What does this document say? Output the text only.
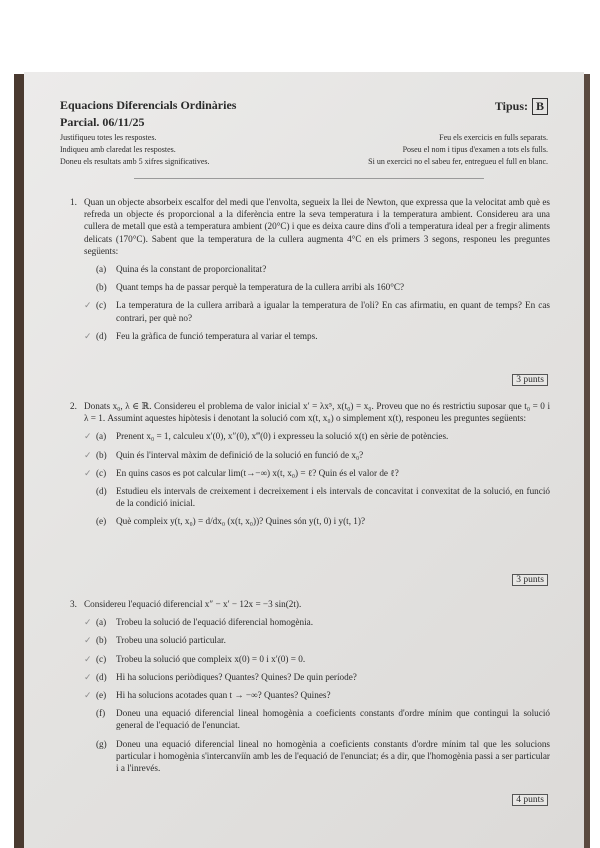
Equacions Diferencials Ordinàries
Parcial. 06/11/25
Tipus: B
Justifiqueu totes les respostes.	Feu els exercicis en fulls separats.
Indiqueu amb claredat les respostes.	Poseu el nom i tipus d'examen a tots els fulls.
Doneu els resultats amb 5 xifres significatives.	Si un exercici no el sabeu fer, entregueu el full en blanc.
1. Quan un objecte absorbeix escalfor del medi que l'envolta, segueix la llei de Newton, que expressa que la velocitat amb què es refreda un objecte és proporcional a la diferència entre la seva temperatura i la temperatura ambient. Considereu ara una cullera de metall que està a temperatura ambient (20°C) i que es deixa caure dins d'oli a temperatura ideal per a fregir aliments delicats (170°C). Sabent que la temperatura de la cullera augmenta 4°C en els primers 3 segons, responeu les preguntes següents:
(a) Quina és la constant de proporcionalitat?
(b) Quant temps ha de passar perquè la temperatura de la cullera arribi als 160°C?
✓ (c) La temperatura de la cullera arribarà a igualar la temperatura de l'oli? En cas afirmatiu, en quant de temps? En cas contrari, per què no?
✓ (d) Feu la gràfica de funció temperatura al variar el temps.
3 punts
2. Donats x₀, λ ∈ ℝ. Considereu el problema de valor inicial x′ = λx⁵, x(t₀) = x₀. Proveu que no és restrictiu suposar que t₀ = 0 i λ = 1. Assumint aquestes hipòtesis i denotant la solució com x(t, x₀) o simplement x(t), responeu les preguntes següents:
✓ (a) Prenent x₀ = 1, calculeu x′(0), x″(0), x‴(0) i expresseu la solució x(t) en sèrie de potències.
✓ (b) Quin és l'interval màxim de definició de la solució en funció de x₀?
✓ (c) En quins casos es pot calcular lim(t→−∞) x(t, x₀) = ℓ? Quin és el valor de ℓ?
(d) Estudieu els intervals de creixement i decreixement i els intervals de concavitat i convexitat de la solució, en funció de la condició inicial.
(e) Què compleix y(t, x₀) = d/dx₀ (x(t, x₀))? Quines són y(t, 0) i y(t, 1)?
3 punts
3. Considereu l'equació diferencial x″ − x′ − 12x = −3 sin(2t).
✓ (a) Trobeu la solució de l'equació diferencial homogènia.
✓ (b) Trobeu una solució particular.
✓ (c) Trobeu la solució que compleix x(0) = 0 i x′(0) = 0.
✓ (d) Hi ha solucions periòdiques? Quantes? Quines? De quin període?
✓ (e) Hi ha solucions acotades quan t → −∞? Quantes? Quines?
(f) Doneu una equació diferencial lineal homogènia a coeficients constants d'ordre mínim que contingui la solució general de l'equació de l'enunciat.
(g) Doneu una equació diferencial lineal no homogènia a coeficients constants d'ordre mínim tal que les solucions particular i homogènia s'intercanviïn amb les de l'equació de l'enunciat; és a dir, que l'homogènia passi a ser particular i a l'inrevés.
4 punts
